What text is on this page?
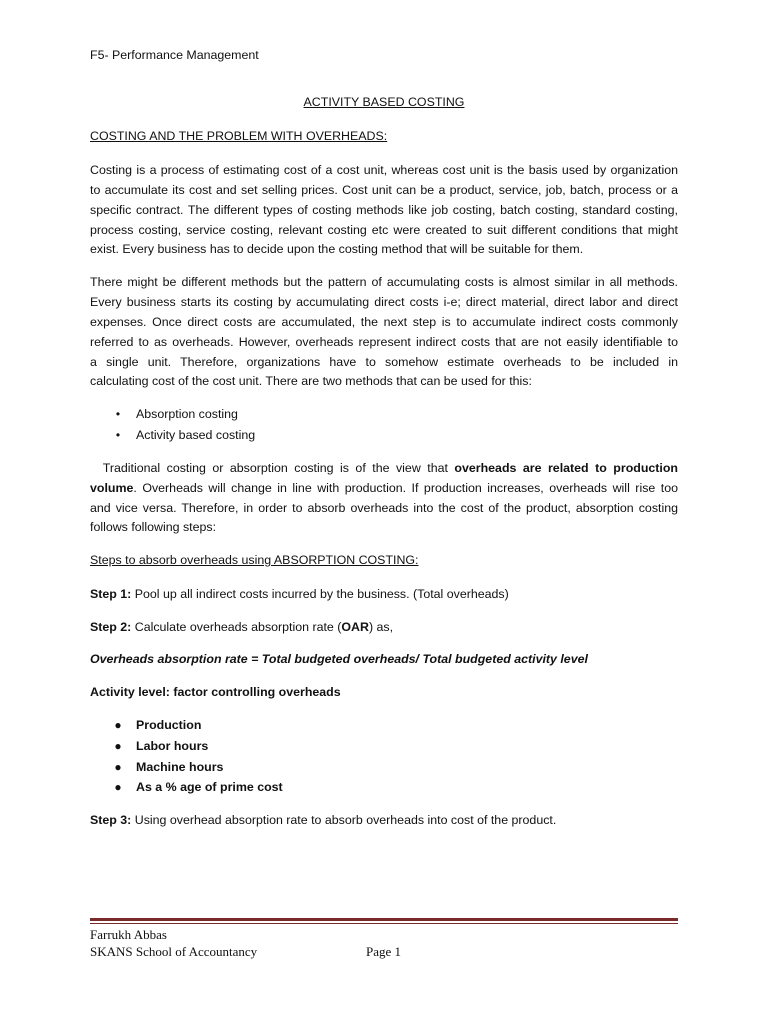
F5- Performance Management
ACTIVITY BASED COSTING
COSTING AND THE PROBLEM WITH OVERHEADS:
Costing is a process of estimating cost of a cost unit, whereas cost unit is the basis used by organization
to accumulate its cost and set selling prices. Cost unit can be a product, service, job, batch, process or a
specific contract. The different types of costing methods like job costing, batch costing, standard costing,
process costing, service costing, relevant costing etc were created to suit different conditions that might
exist. Every business has to decide upon the costing method that will be suitable for them.
There might be different methods but the pattern of accumulating costs is almost similar in all methods.
Every business starts its costing by accumulating direct costs i-e; direct material, direct labor and direct
expenses. Once direct costs are accumulated, the next step is to accumulate indirect costs commonly
referred to as overheads. However, overheads represent indirect costs that are not easily identifiable to
a single unit. Therefore, organizations have to somehow estimate overheads to be included in
calculating cost of the cost unit. There are two methods that can be used for this:
•	Absorption costing
•	Activity based costing
Traditional costing or absorption costing is of the view that overheads are related to production
volume. Overheads will change in line with production. If production increases, overheads will rise too
and vice versa. Therefore, in order to absorb overheads into the cost of the product, absorption costing
follows following steps:
Steps to absorb overheads using ABSORPTION COSTING:
Step 1: Pool up all indirect costs incurred by the business. (Total overheads)
Step 2: Calculate overheads absorption rate (OAR) as,
Overheads absorption rate = Total budgeted overheads/ Total budgeted activity level
Activity level: factor controlling overheads
● Production
● Labor hours
● Machine hours
● As a % age of prime cost
Step 3: Using overhead absorption rate to absorb overheads into cost of the product.
Farrukh Abbas
SKANS School of Accountancy	Page 1
